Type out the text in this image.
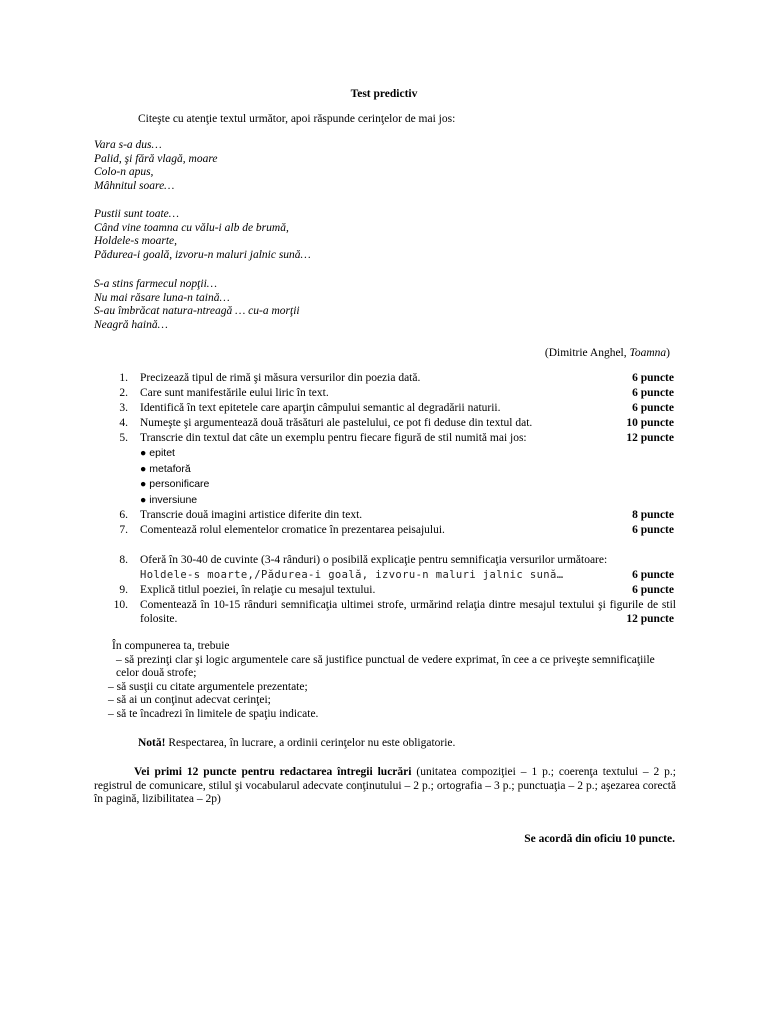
Test predictiv
Citeşte cu atenţie textul următor, apoi răspunde cerinţelor de mai jos:
Vara s-a dus…
Palid, şi fără vlagă, moare
Colo-n apus,
Mâhnitul soare…
Pustii sunt toate…
Când vine toamna cu vălu-i alb de brumă,
Holdele-s moarte,
Pădurea-i goală, izvoru-n maluri jalnic sună…
S-a stins farmecul nopţii…
Nu mai răsare luna-n taină…
S-au îmbrăcat natura-ntreagă … cu-a morţii
Neagră haină…
(Dimitrie Anghel, Toamna)
1. Precizează tipul de rimă şi măsura versurilor din poezia dată.	6 puncte
2. Care sunt manifestările eului liric în text.	6 puncte
3. Identifică în text epitetele care aparţin câmpului semantic al degradării naturii.	6 puncte
4. Numeşte şi argumentează două trăsături ale pastelului, ce pot fi deduse din textul dat.	10 puncte
5. Transcrie din textul dat câte un exemplu pentru fiecare figură de stil numită mai jos:	12 puncte
● epitet
● metaforă
● personificare
● inversiune
6. Transcrie două imagini artistice diferite din text.	8 puncte
7. Comentează rolul elementelor cromatice în prezentarea peisajului.	6 puncte
8. Oferă în 30-40 de cuvinte (3-4 rânduri) o posibilă explicaţie pentru semnificaţia versurilor următoare:
Holdele-s moarte,/Pădurea-i goală, izvoru-n maluri jalnic sună…	6 puncte
9. Explică titlul poeziei, în relaţie cu mesajul textului.	6 puncte
10. Comentează în 10-15 rânduri semnificaţia ultimei strofe, urmărind relaţia dintre mesajul textului şi figurile de stil folosite.	12 puncte
În compunerea ta, trebuie
– să prezinţi clar şi logic argumentele care să justifice punctual de vedere exprimat, în cee a ce priveşte semnificaţiile celor două strofe;
– să susţii cu citate argumentele prezentate;
– să ai un conţinut adecvat cerinţei;
– să te încadrezi în limitele de spaţiu indicate.
Notă! Respectarea, în lucrare, a ordinii cerinţelor nu este obligatorie.
Vei primi 12 puncte pentru redactarea întregii lucrări (unitatea compoziţiei – 1 p.; coerenţa textului – 2 p.; registrul de comunicare, stilul şi vocabularul adecvate conţinutului – 2 p.; ortografia – 3 p.; punctuaţia – 2 p.; aşezarea corectă în pagină, lizibilitatea – 2p)
Se acordă din oficiu 10 puncte.
